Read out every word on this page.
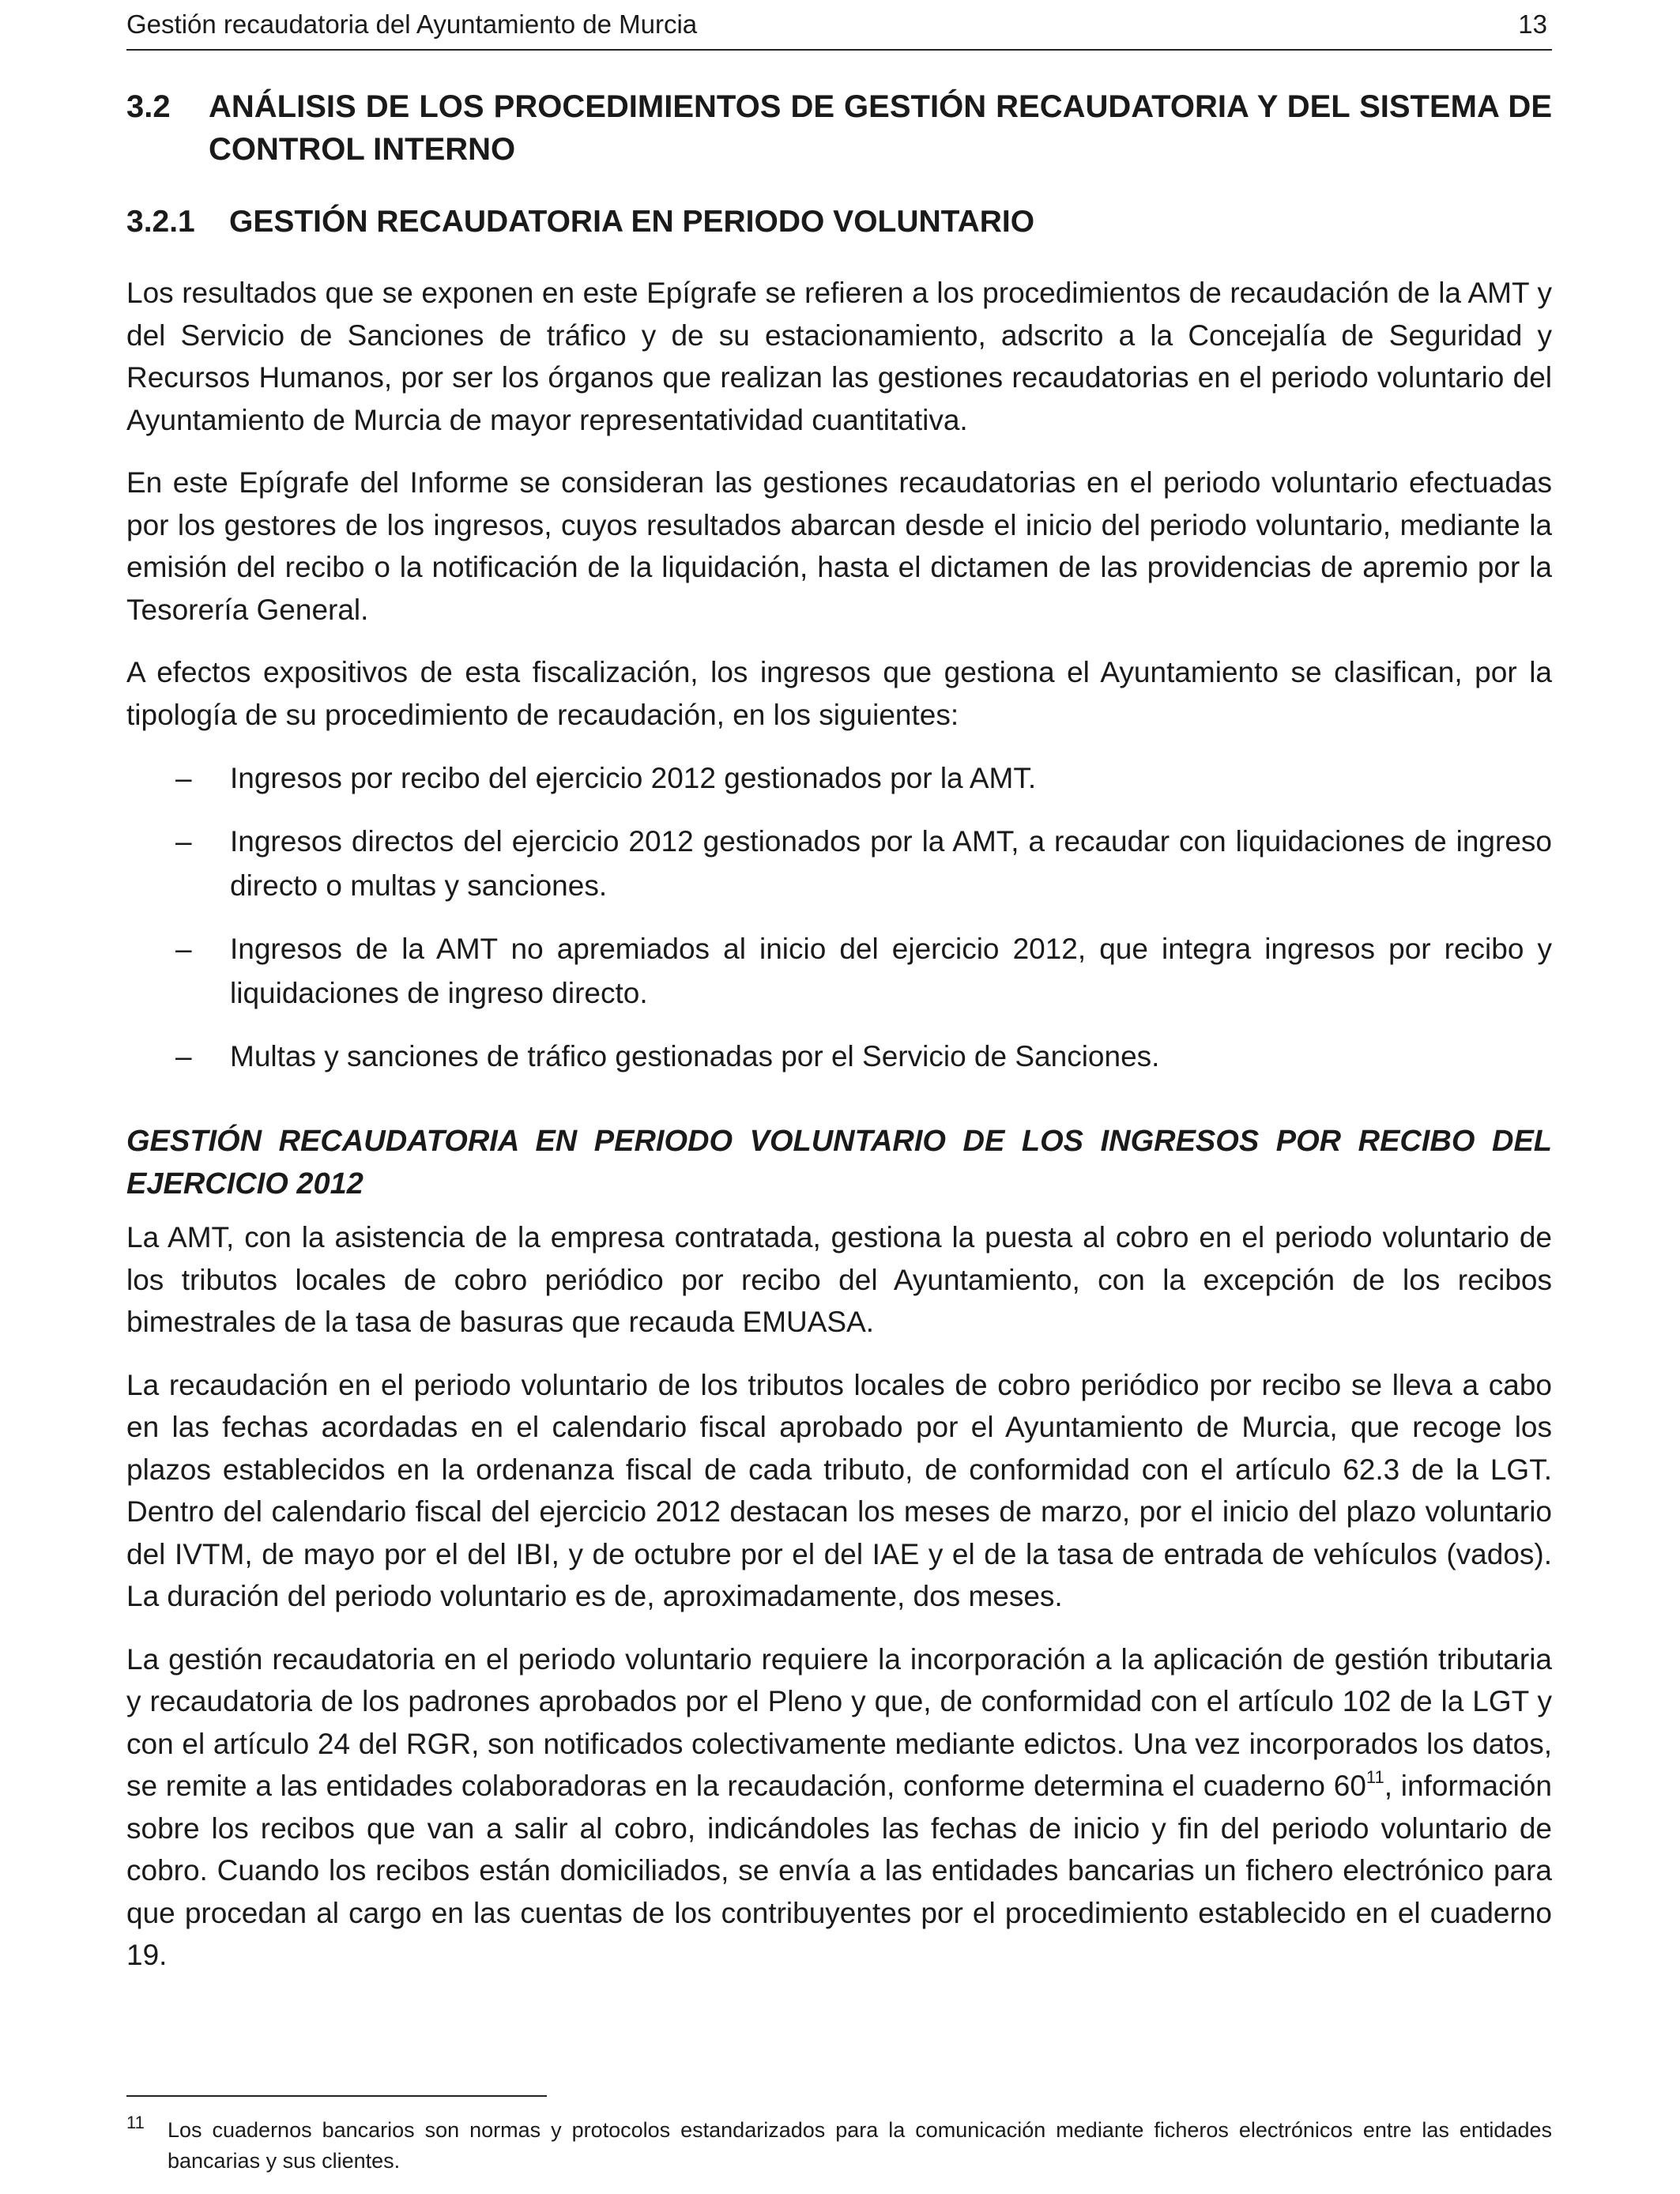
Gestión recaudatoria del Ayuntamiento de Murcia	13
3.2 ANÁLISIS DE LOS PROCEDIMIENTOS DE GESTIÓN RECAUDATORIA Y DEL SISTEMA DE CONTROL INTERNO
3.2.1 GESTIÓN RECAUDATORIA EN PERIODO VOLUNTARIO

Los resultados que se exponen en este Epígrafe se refieren a los procedimientos de recaudación de la AMT y del Servicio de Sanciones de tráfico y de su estacionamiento, adscrito a la Concejalía de Seguridad y Recursos Humanos, por ser los órganos que realizan las gestiones recaudatorias en el periodo voluntario del Ayuntamiento de Murcia de mayor representatividad cuantitativa.

En este Epígrafe del Informe se consideran las gestiones recaudatorias en el periodo voluntario efectuadas por los gestores de los ingresos, cuyos resultados abarcan desde el inicio del periodo voluntario, mediante la emisión del recibo o la notificación de la liquidación, hasta el dictamen de las providencias de apremio por la Tesorería General.

A efectos expositivos de esta fiscalización, los ingresos que gestiona el Ayuntamiento se clasifican, por la tipología de su procedimiento de recaudación, en los siguientes:

– Ingresos por recibo del ejercicio 2012 gestionados por la AMT.
– Ingresos directos del ejercicio 2012 gestionados por la AMT, a recaudar con liquidaciones de ingreso directo o multas y sanciones.
– Ingresos de la AMT no apremiados al inicio del ejercicio 2012, que integra ingresos por recibo y liquidaciones de ingreso directo.
– Multas y sanciones de tráfico gestionadas por el Servicio de Sanciones.
GESTIÓN RECAUDATORIA EN PERIODO VOLUNTARIO DE LOS INGRESOS POR RECIBO DEL EJERCICIO 2012

La AMT, con la asistencia de la empresa contratada, gestiona la puesta al cobro en el periodo voluntario de los tributos locales de cobro periódico por recibo del Ayuntamiento, con la excepción de los recibos bimestrales de la tasa de basuras que recauda EMUASA.

La recaudación en el periodo voluntario de los tributos locales de cobro periódico por recibo se lleva a cabo en las fechas acordadas en el calendario fiscal aprobado por el Ayuntamiento de Murcia, que recoge los plazos establecidos en la ordenanza fiscal de cada tributo, de conformidad con el artículo 62.3 de la LGT. Dentro del calendario fiscal del ejercicio 2012 destacan los meses de marzo, por el inicio del plazo voluntario del IVTM, de mayo por el del IBI, y de octubre por el del IAE y el de la tasa de entrada de vehículos (vados). La duración del periodo voluntario es de, aproximadamente, dos meses.

La gestión recaudatoria en el periodo voluntario requiere la incorporación a la aplicación de gestión tributaria y recaudatoria de los padrones aprobados por el Pleno y que, de conformidad con el artículo 102 de la LGT y con el artículo 24 del RGR, son notificados colectivamente mediante edictos. Una vez incorporados los datos, se remite a las entidades colaboradoras en la recaudación, conforme determina el cuaderno $60^{11}$, información sobre los recibos que van a salir al cobro, indicándoles las fechas de inicio y fin del periodo voluntario de cobro. Cuando los recibos están domiciliados, se envía a las entidades bancarias un fichero electrónico para que procedan al cargo en las cuentas de los contribuyentes por el procedimiento establecido en el cuaderno 19.

11 Los cuadernos bancarios son normas y protocolos estandarizados para la comunicación mediante ficheros electrónicos entre las entidades bancarias y sus clientes.
